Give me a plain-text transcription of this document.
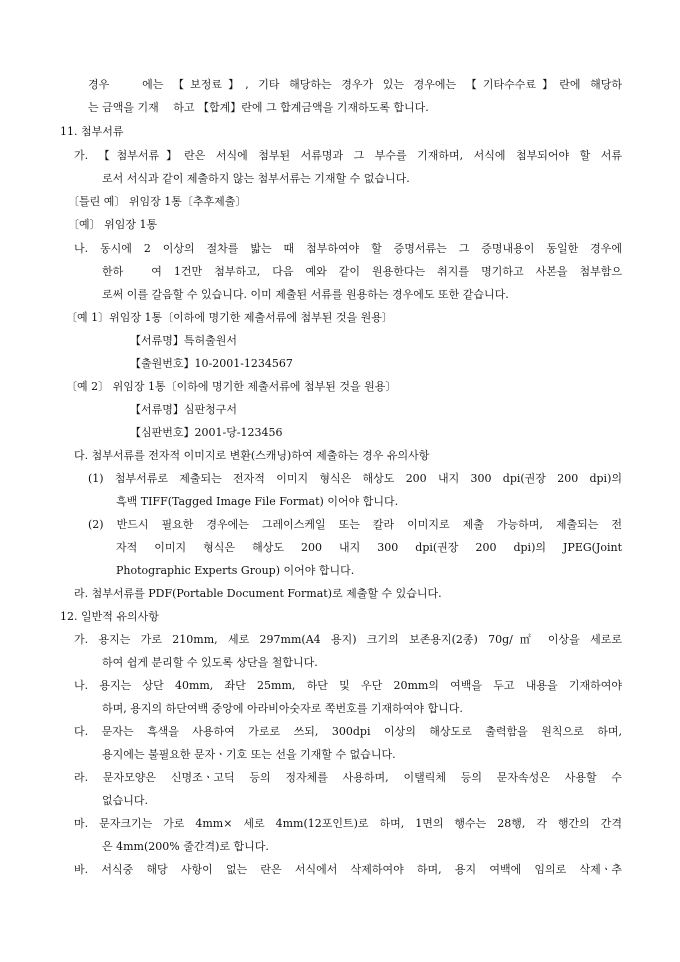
경우　 에는 【보정료】, 기타 해당하는 경우가 있는 경우에는 【기타수수료】란에 해당하
는 금액을 기재　 하고 【합계】란에 그 합계금액을 기재하도록 합니다.
11. 첨부서류
가. 【첨부서류】란은 서식에 첨부된 서류명과 그 부수를 기재하며, 서식에 첨부되어야 할 서류
로서 서식과 같이 제출하지 않는 첨부서류는 기재할 수 없습니다.
〔틀린 예〕 위임장 1통〔추후제출〕
〔예〕 위임장 1통
나. 동시에 2 이상의 절차를 밟는 때 첨부하여야 할 증명서류는 그 증명내용이 동일한 경우에
한하　여 1건만 첨부하고, 다음 예와 같이 원용한다는 취지를 명기하고 사본을 첨부함으
로써 이를 갈음할 수 있습니다. 이미 제출된 서류를 원용하는 경우에도 또한 같습니다.
〔예 1〕위임장 1통〔이하에 명기한 제출서류에 첨부된 것을 원용〕
【서류명】특허출원서
【출원번호】10-2001-1234567
〔예 2〕 위임장 1통〔이하에 명기한 제출서류에 첨부된 것을 원용〕
【서류명】심판청구서
【심판번호】2001-당-123456
다. 첨부서류를 전자적 이미지로 변환(스캐닝)하여 제출하는 경우 유의사항
(1) 첨부서류로 제출되는 전자적 이미지 형식은 해상도 200 내지 300 dpi(권장 200 dpi)의
흑백 TIFF(Tagged Image File Format) 이어야 합니다.
(2) 반드시 필요한 경우에는 그레이스케일 또는 칼라 이미지로 제출 가능하며, 제출되는 전
자적 이미지 형식은 해상도 200 내지 300 dpi(권장 200 dpi)의 JPEG(Joint
Photographic Experts Group) 이어야 합니다.
라. 첨부서류를 PDF(Portable Document Format)로 제출할 수 있습니다.
12. 일반적 유의사항
가. 용지는 가로 210mm, 세로 297mm(A4 용지) 크기의 보존용지(2종) 70g/㎡ 이상을 세로로
하여 쉽게 분리할 수 있도록 상단을 철합니다.
나. 용지는 상단 40mm, 좌단 25mm, 하단 및 우단 20mm의 여백을 두고 내용을 기재하여야
하며, 용지의 하단여백 중앙에 아라비아숫자로 쪽번호를 기재하여야 합니다.
다. 문자는 흑색을 사용하여 가로로 쓰되, 300dpi 이상의 해상도로 출력함을 원칙으로 하며,
용지에는 불필요한 문자ㆍ기호 또는 선을 기재할 수 없습니다.
라. 문자모양은 신명조ㆍ고딕 등의 정자체를 사용하며, 이탤릭체 등의 문자속성은 사용할 수
없습니다.
마. 문자크기는 가로 4mm× 세로 4mm(12포인트)로 하며, 1면의 행수는 28행, 각 행간의 간격
은 4mm(200% 줄간격)로 합니다.
바. 서식중 해당 사항이 없는 란은 서식에서 삭제하여야 하며, 용지 여백에 임의로 삭제ㆍ추
